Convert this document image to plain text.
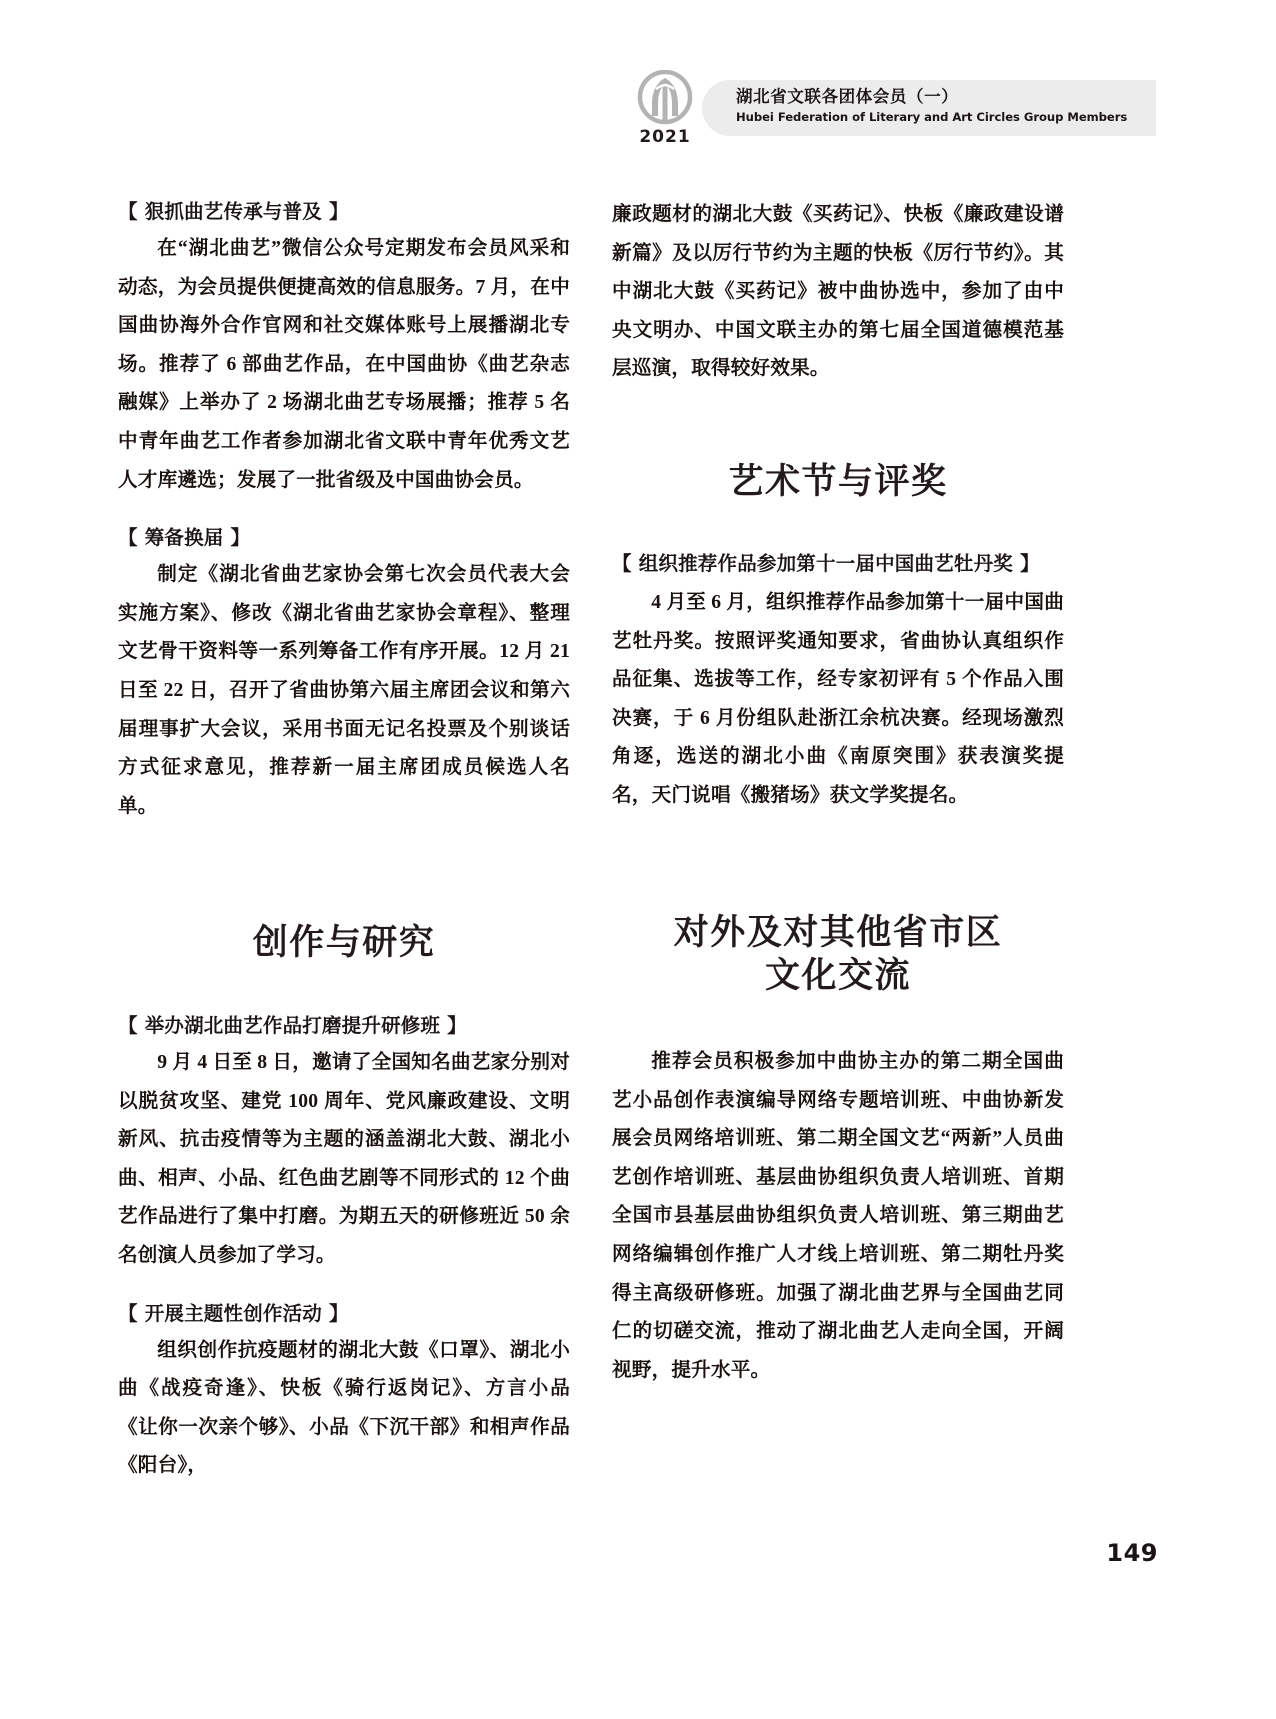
2021
湖北省文联各团体会员（一）
Hubei Federation of Literary and Art Circles Group Members
【 狠抓曲艺传承与普及 】

在“湖北曲艺”微信公众号定期发布会员风采和动态，为会员提供便捷高效的信息服务。7 月，在中国曲协海外合作官网和社交媒体账号上展播湖北专场。推荐了 6 部曲艺作品，在中国曲协《曲艺杂志融媒》上举办了 2 场湖北曲艺专场展播；推荐 5 名中青年曲艺工作者参加湖北省文联中青年优秀文艺人才库遴选；发展了一批省级及中国曲协会员。

【 筹备换届 】

制定《湖北省曲艺家协会第七次会员代表大会实施方案》、修改《湖北省曲艺家协会章程》、整理文艺骨干资料等一系列筹备工作有序开展。12 月 21 日至 22 日，召开了省曲协第六届主席团会议和第六届理事扩大会议，采用书面无记名投票及个别谈话方式征求意见，推荐新一届主席团成员候选人名单。

创作与研究
【 举办湖北曲艺作品打磨提升研修班 】

9 月 4 日至 8 日，邀请了全国知名曲艺家分别对以脱贫攻坚、建党 100 周年、党风廉政建设、文明新风、抗击疫情等为主题的涵盖湖北大鼓、湖北小曲、相声、小品、红色曲艺剧等不同形式的 12 个曲艺作品进行了集中打磨。为期五天的研修班近 50 余名创演人员参加了学习。

【 开展主题性创作活动 】

组织创作抗疫题材的湖北大鼓《口罩》、湖北小曲《战疫奇逢》、快板《骑行返岗记》、方言小品《让你一次亲个够》、小品《下沉干部》和相声作品《阳台》，

廉政题材的湖北大鼓《买药记》、快板《廉政建设谱新篇》及以厉行节约为主题的快板《厉行节约》。其中湖北大鼓《买药记》被中曲协选中，参加了由中央文明办、中国文联主办的第七届全国道德模范基层巡演，取得较好效果。

艺术节与评奖
【 组织推荐作品参加第十一届中国曲艺牡丹奖 】

4 月至 6 月，组织推荐作品参加第十一届中国曲艺牡丹奖。按照评奖通知要求，省曲协认真组织作品征集、选拔等工作，经专家初评有 5 个作品入围决赛，于 6 月份组队赴浙江余杭决赛。经现场激烈角逐，选送的湖北小曲《南原突围》获表演奖提名，天门说唱《搬猪场》获文学奖提名。

对外及对其他省市区
文化交流

推荐会员积极参加中曲协主办的第二期全国曲艺小品创作表演编导网络专题培训班、中曲协新发展会员网络培训班、第二期全国文艺“两新”人员曲艺创作培训班、基层曲协组织负责人培训班、首期全国市县基层曲协组织负责人培训班、第三期曲艺网络编辑创作推广人才线上培训班、第二期牡丹奖得主高级研修班。加强了湖北曲艺界与全国曲艺同仁的切磋交流，推动了湖北曲艺人走向全国，开阔视野，提升水平。

149
